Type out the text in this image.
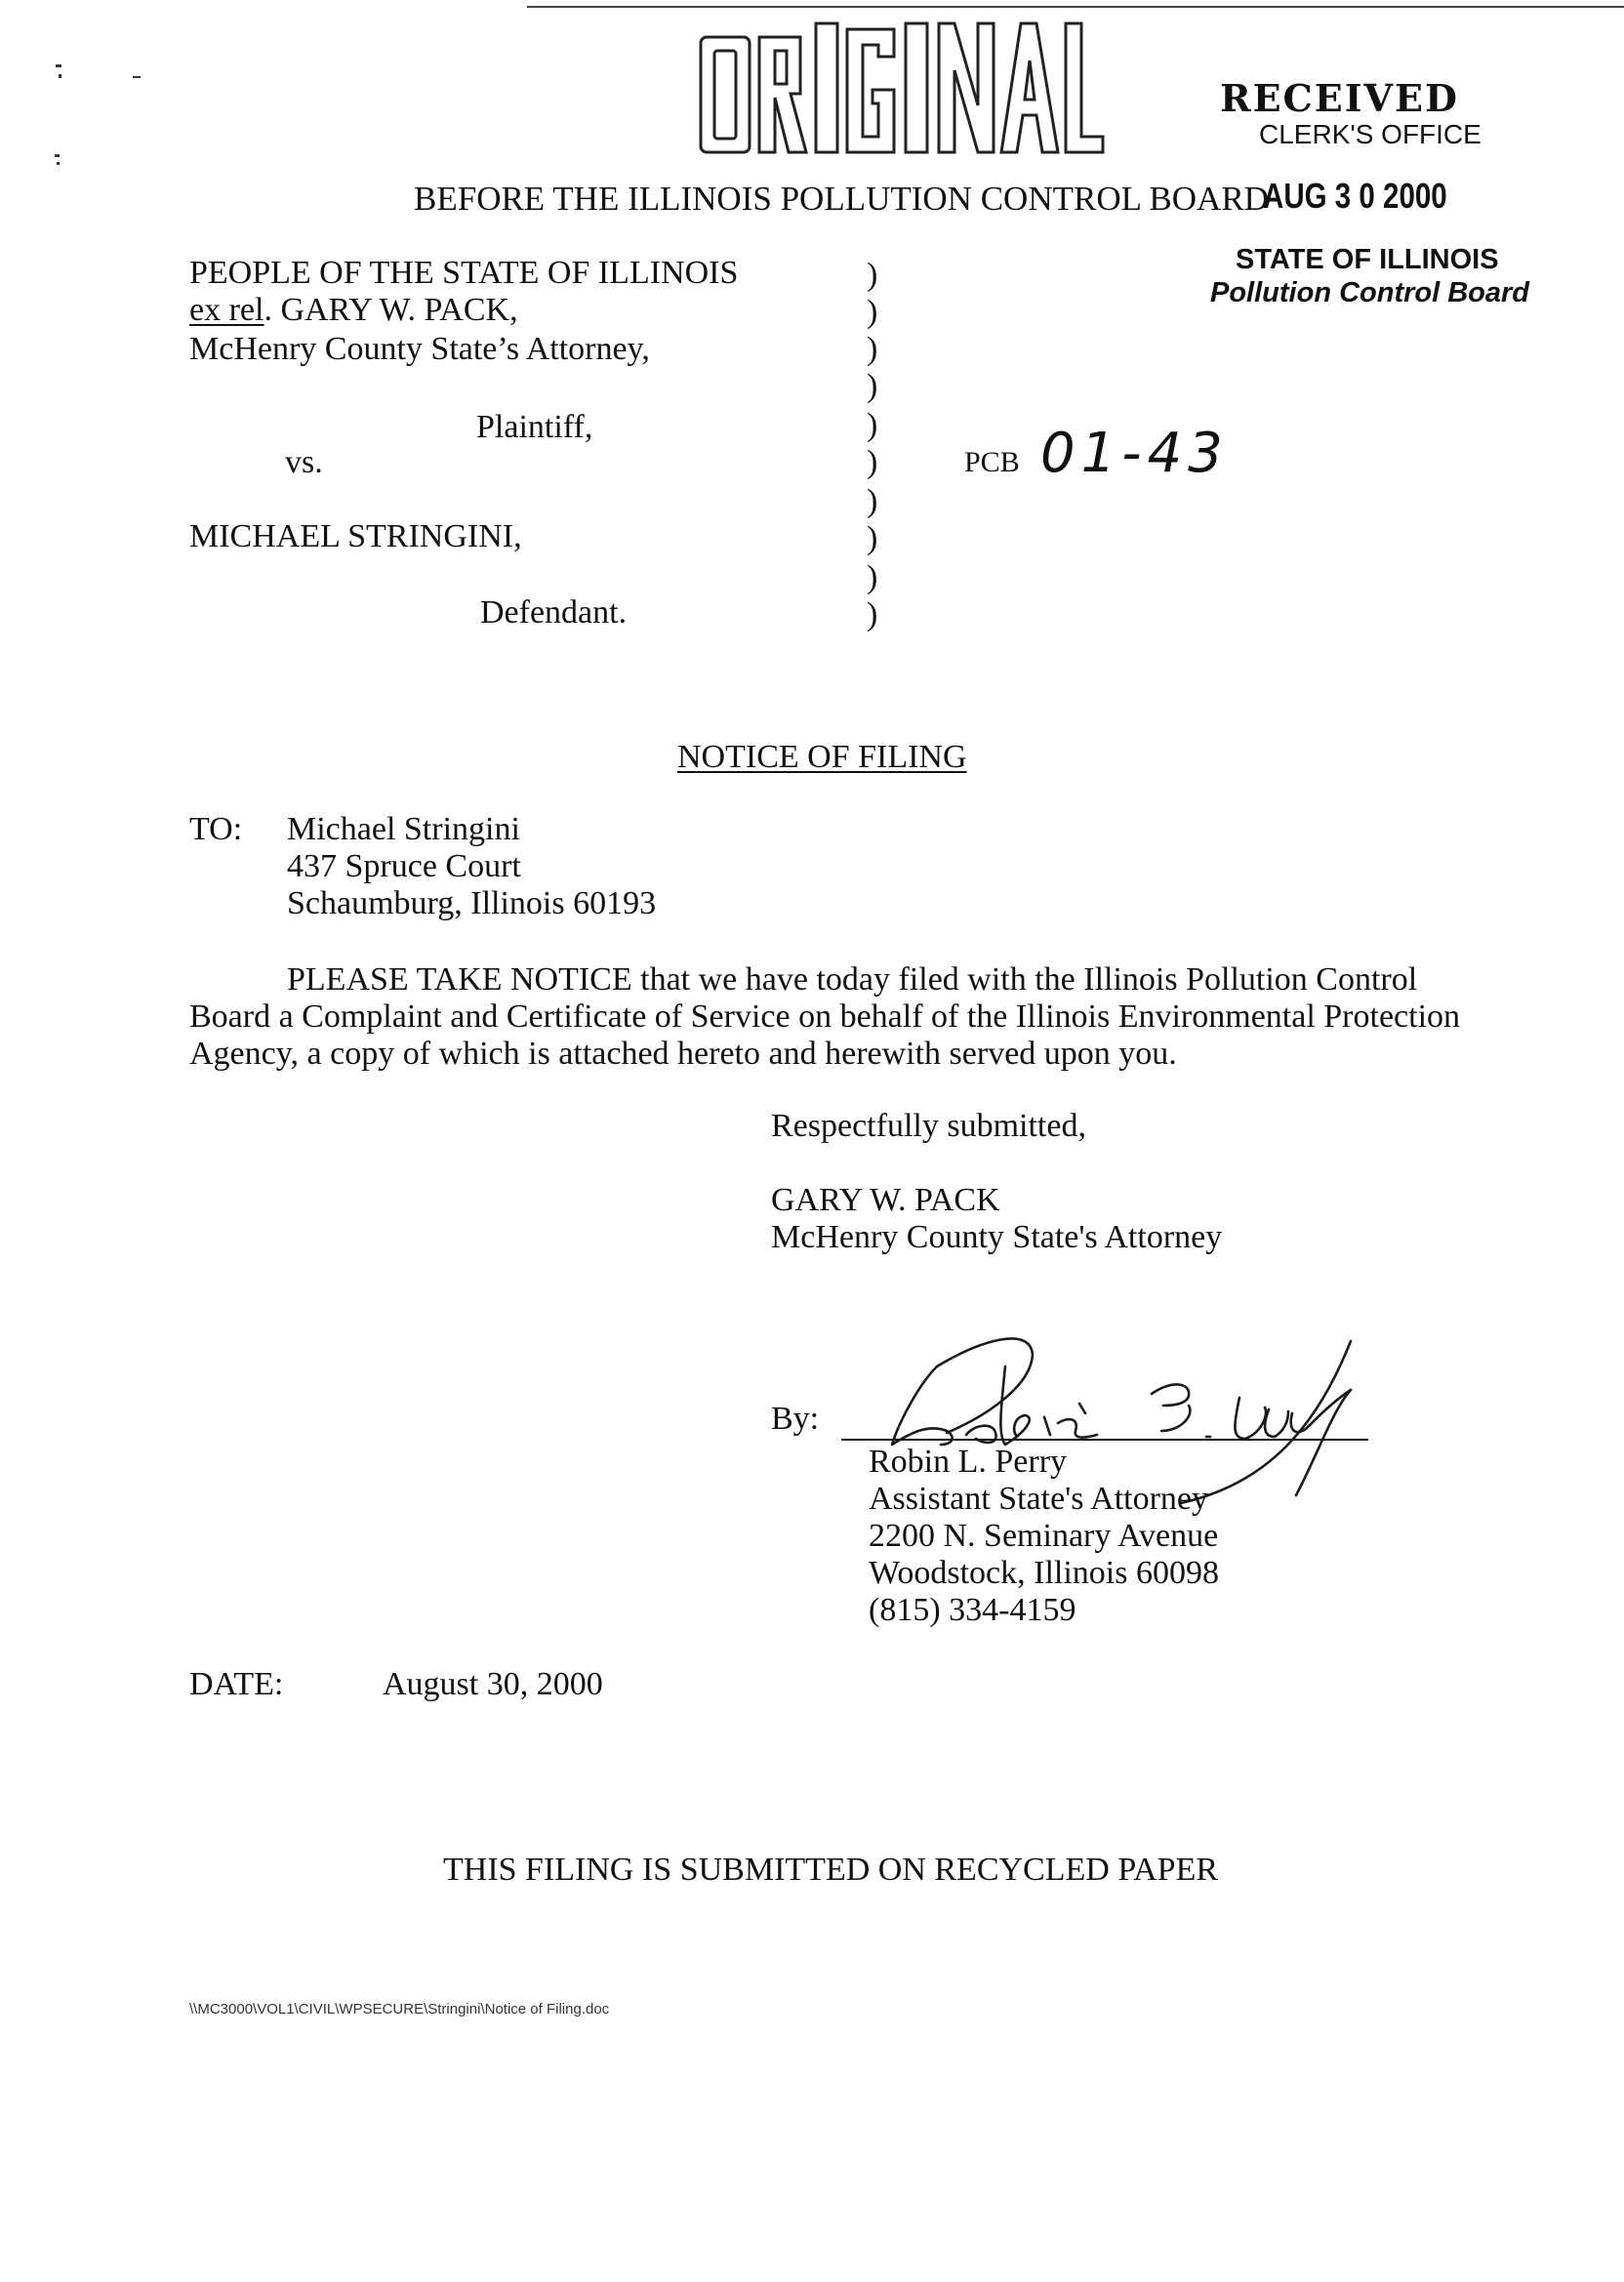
RECEIVED
CLERK'S OFFICE
AUG 3 0 2000
STATE OF ILLINOIS
Pollution Control Board
BEFORE THE ILLINOIS POLLUTION CONTROL BOARD
PEOPLE OF THE STATE OF ILLINOIS
ex rel. GARY W. PACK,
McHenry County State’s Attorney,
Plaintiff,
vs.
MICHAEL STRINGINI,
Defendant.
)
)
)
)
)
)
)
)
)
)
PCB 01-43
NOTICE OF FILING
TO: Michael Stringini
437 Spruce Court
Schaumburg, Illinois 60193
PLEASE TAKE NOTICE that we have today filed with the Illinois Pollution Control
Board a Complaint and Certificate of Service on behalf of the Illinois Environmental Protection
Agency, a copy of which is attached hereto and herewith served upon you.
Respectfully submitted,
GARY W. PACK
McHenry County State's Attorney
By:
Robin L. Perry
Assistant State's Attorney
2200 N. Seminary Avenue
Woodstock, Illinois 60098
(815) 334-4159
DATE:	August 30, 2000
THIS FILING IS SUBMITTED ON RECYCLED PAPER
\\MC3000\VOL1\CIVIL\WPSECURE\Stringini\Notice of Filing.doc
